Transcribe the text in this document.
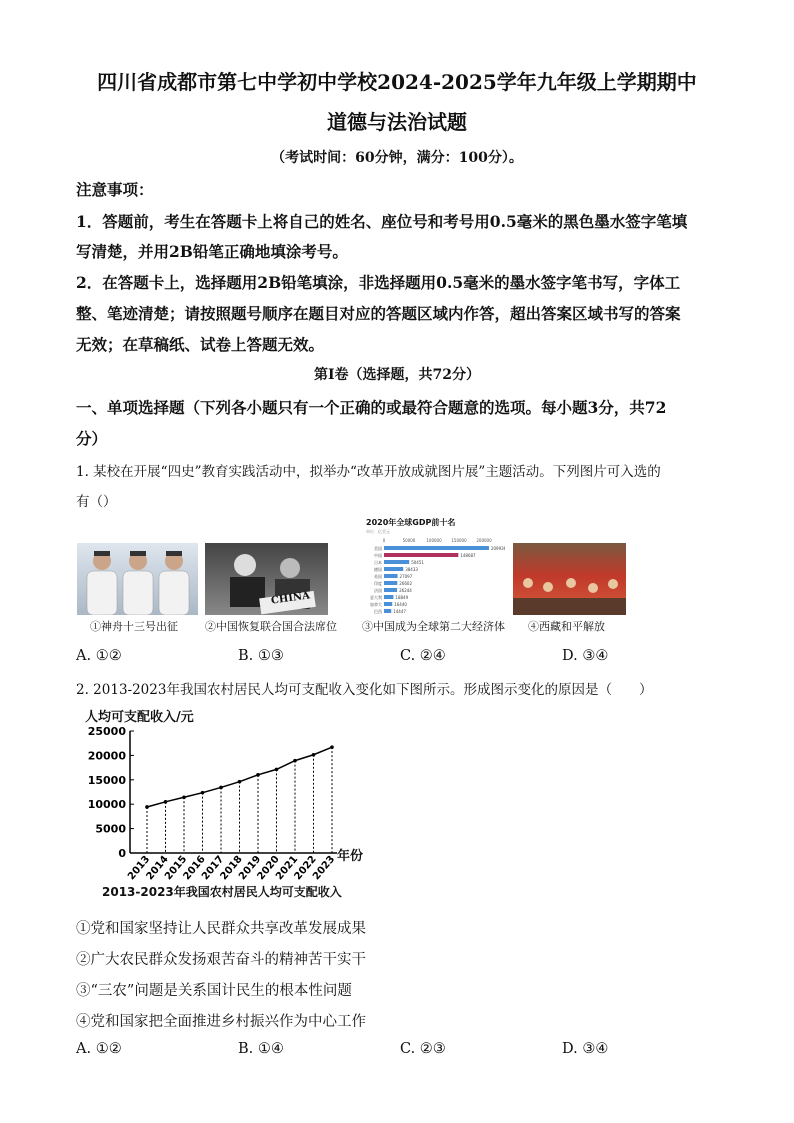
四川省成都市第七中学初中学校2024-2025学年九年级上学期期中
道德与法治试题
（考试时间：60分钟，满分：100分）。
注意事项：
1．答题前，考生在答题卡上将自己的姓名、座位号和考号用0.5毫米的黑色墨水签字笔填
写清楚，并用2B铅笔正确地填涂考号。
2．在答题卡上，选择题用2B铅笔填涂，非选择题用0.5毫米的墨水签字笔书写，字体工
整、笔迹清楚；请按照题号顺序在题目对应的答题区域内作答，超出答案区域书写的答案
无效；在草稿纸、试卷上答题无效。
第Ⅰ卷（选择题，共72分）
一、单项选择题（下列各小题只有一个正确的或最符合题意的选项。每小题3分，共72
分）
1. 某校在开展“四史”教育实践活动中，拟举办“改革开放成就图片展”主题活动。下列图片可入选的
有（）
CHINA
2020年全球GDP前十名
单位：亿美元
0	50000	100000 150000 200000
美国	209936
中国	148687
日本	50451
德国	38433
英国	27097
印度	26602
法国	26244
意大利	18849
加拿大	16440
巴西	14447
①神舟十三号出征 ②中国恢复联合国合法席位 ③中国成为全球第二大经济体 ④西藏和平解放
A. ①②	B. ①③	C. ②④	D. ③④
2. 2013-2023年我国农村居民人均可支配收入变化如下图所示。形成图示变化的原因是（　　）
人均可支配收入/元
年份
2013-2023年我国农村居民人均可支配收入
0
5000
10000
15000
20000
25000
2013
2014
2015
2016
2017
2018
2019
2020
2021
2022
2023
①党和国家坚持让人民群众共享改革发展成果
②广大农民群众发扬艰苦奋斗的精神苦干实干
③“三农”问题是关系国计民生的根本性问题
④党和国家把全面推进乡村振兴作为中心工作
A. ①②	B. ①④	C. ②③	D. ③④
